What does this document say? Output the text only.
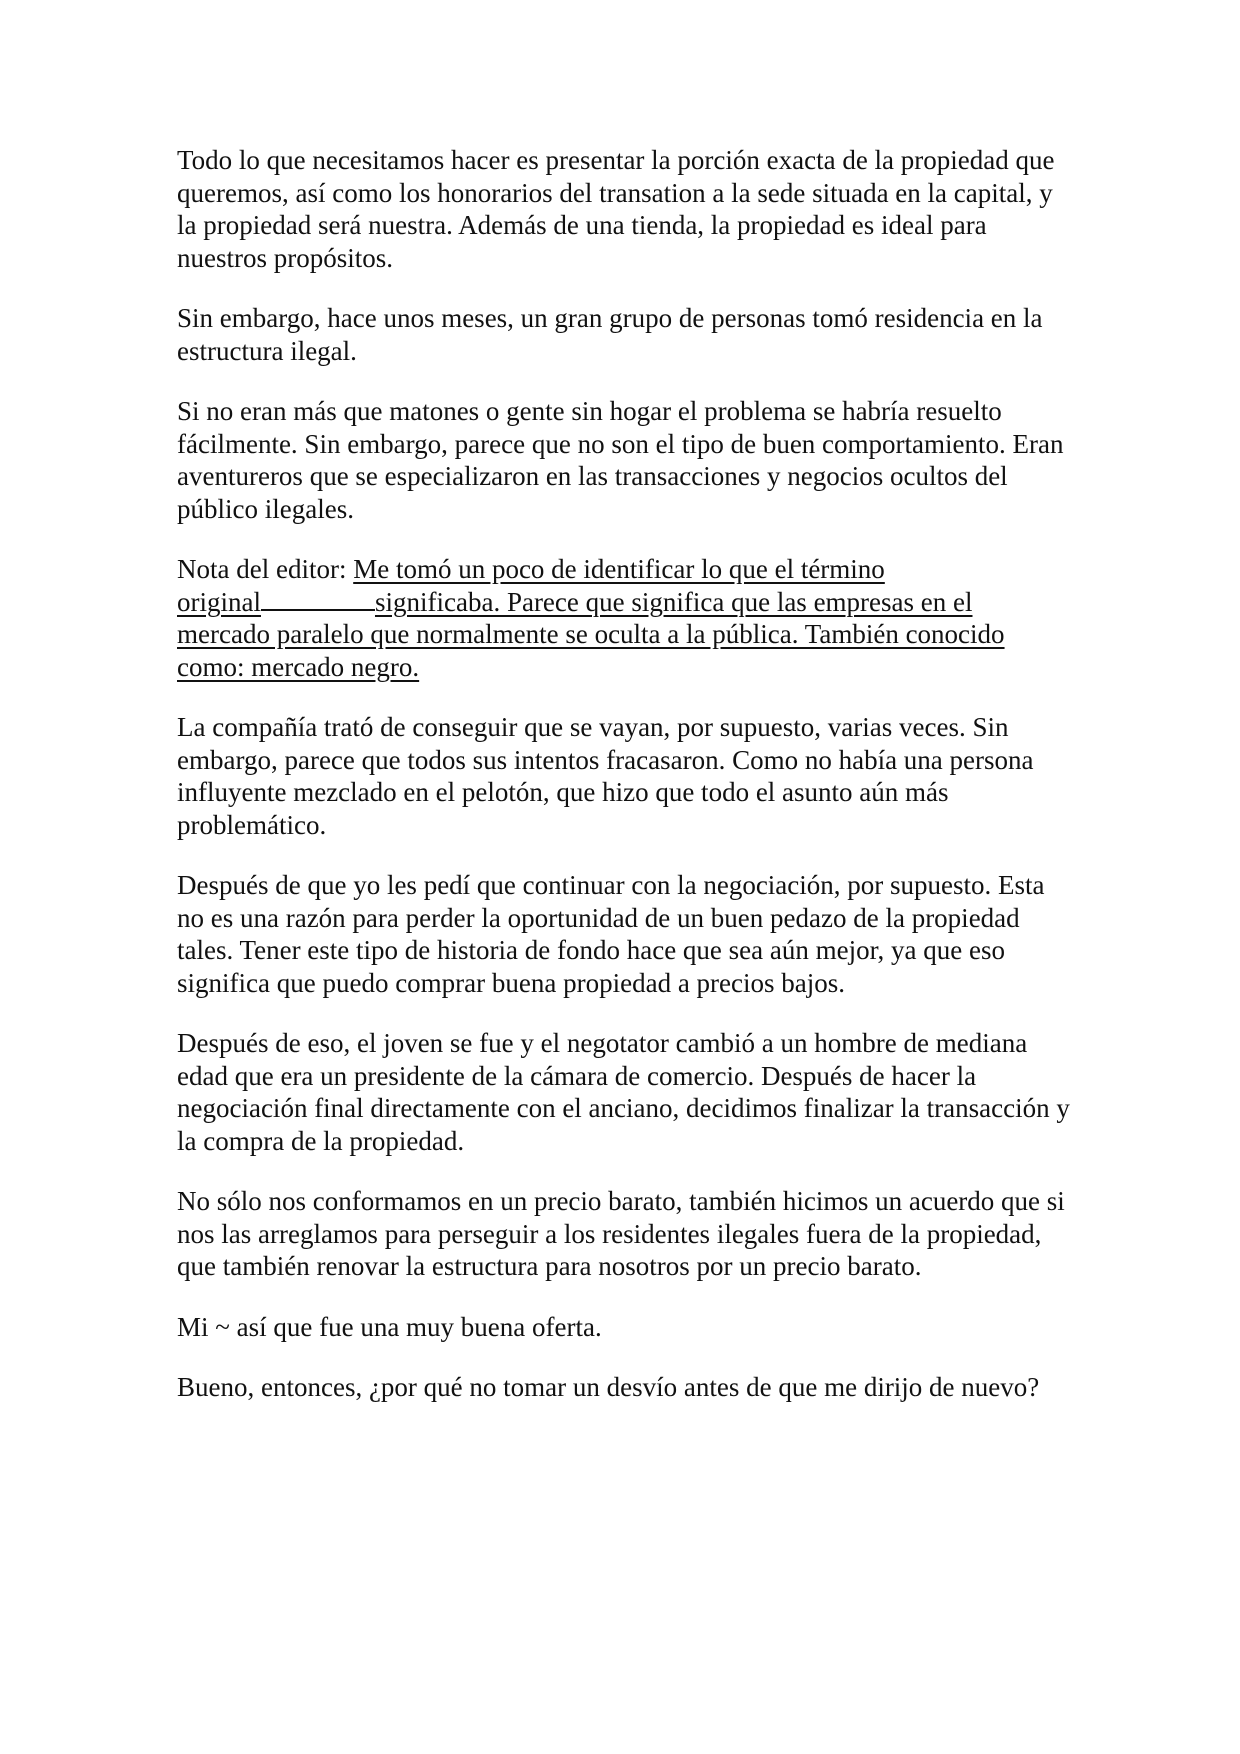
Todo lo que necesitamos hacer es presentar la porción exacta de la propiedad que queremos, así como los honorarios del transation a la sede situada en la capital, y la propiedad será nuestra. Además de una tienda, la propiedad es ideal para nuestros propósitos.

Sin embargo, hace unos meses, un gran grupo de personas tomó residencia en la estructura ilegal.

Si no eran más que matones o gente sin hogar el problema se habría resuelto fácilmente. Sin embargo, parece que no son el tipo de buen comportamiento. Eran aventureros que se especializaron en las transacciones y negocios ocultos del público ilegales.

Nota del editor: Me tomó un poco de identificar lo que el término
original	significaba. Parece que significa que las empresas en el
mercado paralelo que normalmente se oculta a la pública. También conocido como: mercado negro.

La compañía trató de conseguir que se vayan, por supuesto, varias veces. Sin embargo, parece que todos sus intentos fracasaron. Como no había una persona influyente mezclado en el pelotón, que hizo que todo el asunto aún más problemático.

Después de que yo les pedí que continuar con la negociación, por supuesto. Esta no es una razón para perder la oportunidad de un buen pedazo de la propiedad tales. Tener este tipo de historia de fondo hace que sea aún mejor, ya que eso significa que puedo comprar buena propiedad a precios bajos.

Después de eso, el joven se fue y el negotator cambió a un hombre de mediana edad que era un presidente de la cámara de comercio. Después de hacer la negociación final directamente con el anciano, decidimos finalizar la transacción y la compra de la propiedad.

No sólo nos conformamos en un precio barato, también hicimos un acuerdo que si nos las arreglamos para perseguir a los residentes ilegales fuera de la propiedad, que también renovar la estructura para nosotros por un precio barato.

Mi ~ así que fue una muy buena oferta.

Bueno, entonces, ¿por qué no tomar un desvío antes de que me dirijo de nuevo?
